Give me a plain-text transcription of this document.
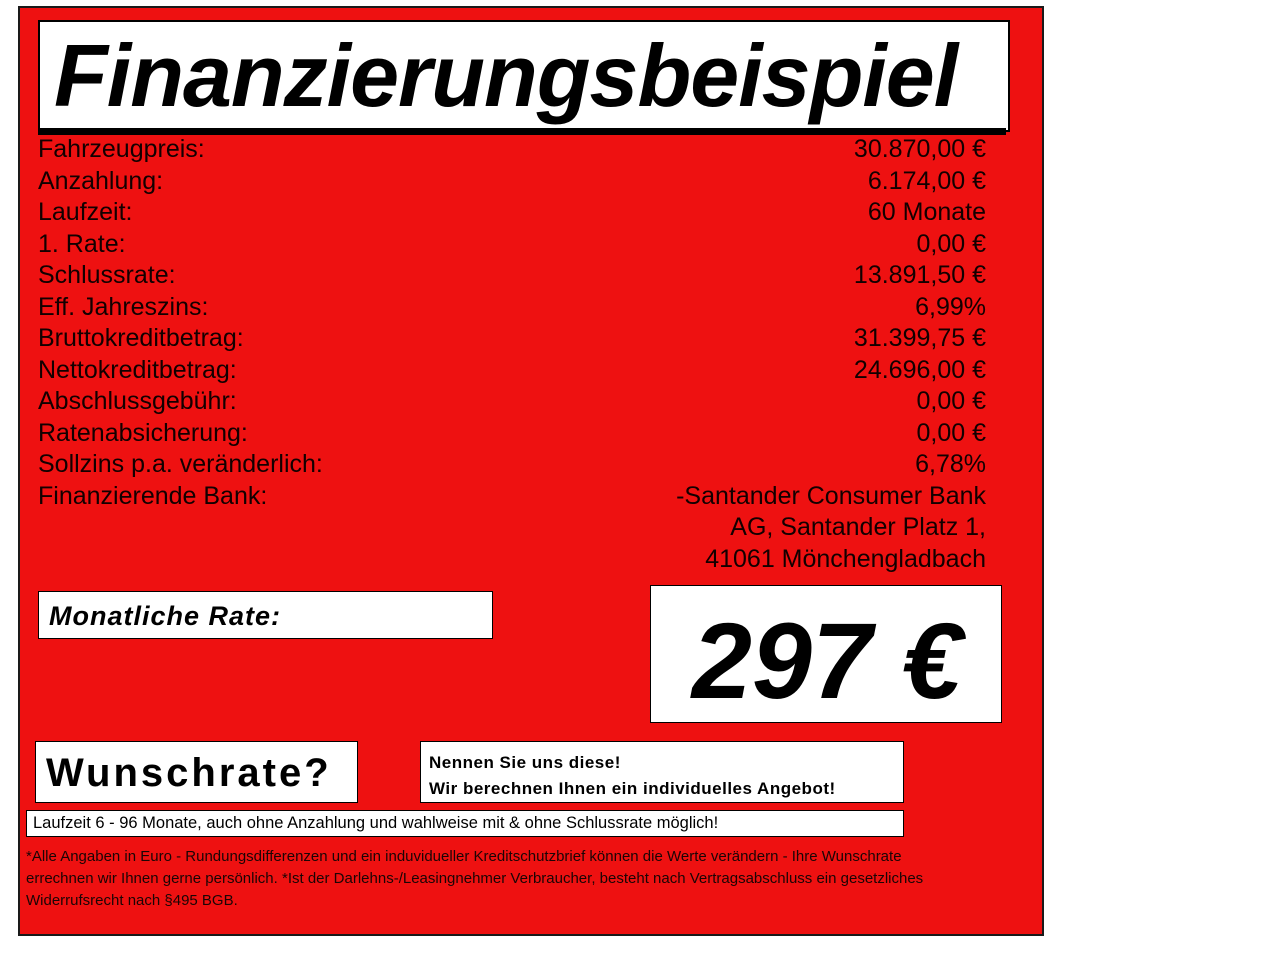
Finanzierungsbeispiel
Fahrzeugpreis:	30.870,00 €
Anzahlung:	6.174,00 €
Laufzeit:	60 Monate
1. Rate:	0,00 €
Schlussrate:	13.891,50 €
Eff. Jahreszins:	6,99%
Bruttokreditbetrag:	31.399,75 €
Nettokreditbetrag:	24.696,00 €
Abschlussgebühr:	0,00 €
Ratenabsicherung:	0,00 €
Sollzins p.a. veränderlich:	6,78%
Finanzierende Bank:	-Santander Consumer Bank
AG, Santander Platz 1,
41061 Mönchengladbach
Monatliche Rate:	297 €
Wunschrate?	Nennen Sie uns diese!
Wir berechnen Ihnen ein individuelles Angebot!
Laufzeit 6 - 96 Monate, auch ohne Anzahlung und wahlweise mit & ohne Schlussrate möglich!
*Alle Angaben in Euro - Rundungsdifferenzen und ein induvidueller Kreditschutzbrief können die Werte verändern - Ihre Wunschrate errechnen wir Ihnen gerne persönlich. *Ist der Darlehns-/Leasingnehmer Verbraucher, besteht nach Vertragsabschluss ein gesetzliches Widerrufsrecht nach §495 BGB.
